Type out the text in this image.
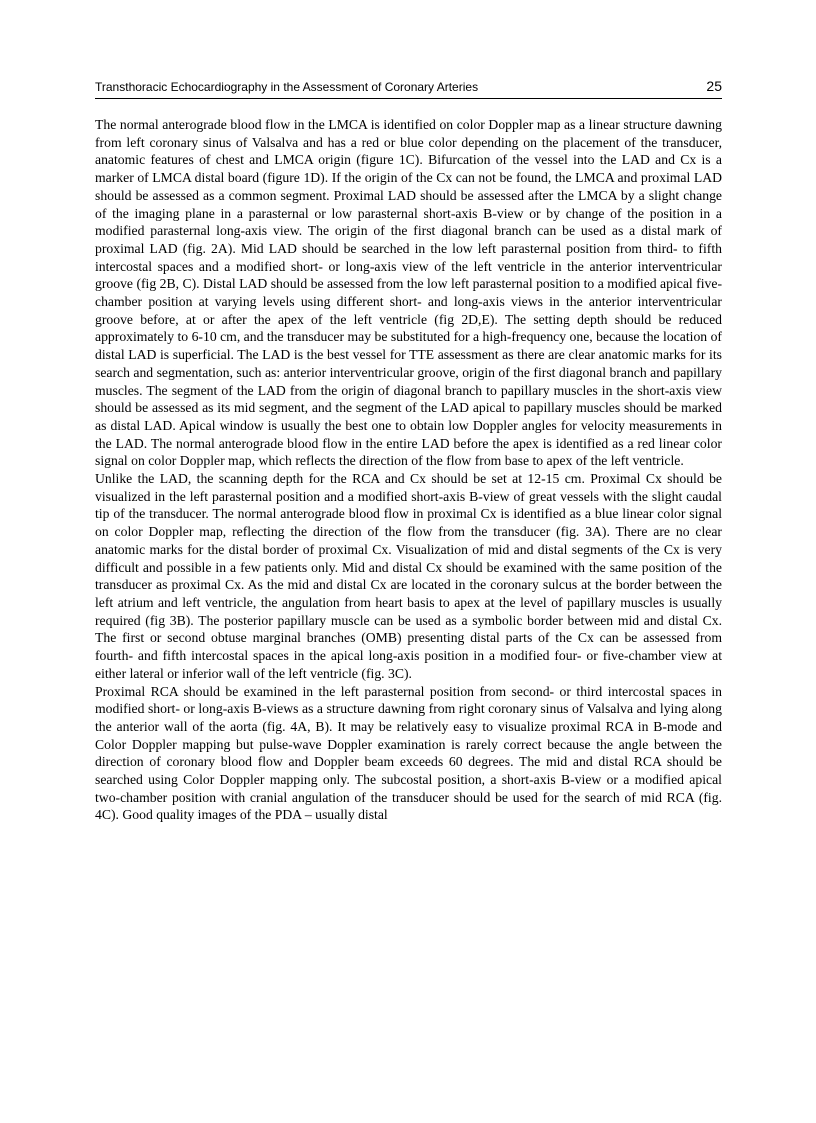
Transthoracic Echocardiography in the Assessment of Coronary Arteries	25

The normal anterograde blood flow in the LMCA is identified on color Doppler map as a linear structure dawning from left coronary sinus of Valsalva and has a red or blue color depending on the placement of the transducer, anatomic features of chest and LMCA origin (figure 1C). Bifurcation of the vessel into the LAD and Cx is a marker of LMCA distal board (figure 1D). If the origin of the Cx can not be found, the LMCA and proximal LAD should be assessed as a common segment. Proximal LAD should be assessed after the LMCA by a slight change of the imaging plane in a parasternal or low parasternal short-axis B-view or by change of the position in a modified parasternal long-axis view. The origin of the first diagonal branch can be used as a distal mark of proximal LAD (fig. 2A). Mid LAD should be searched in the low left parasternal position from third- to fifth intercostal spaces and a modified short- or long-axis view of the left ventricle in the anterior interventricular groove (fig 2B, C). Distal LAD should be assessed from the low left parasternal position to a modified apical five-chamber position at varying levels using different short- and long-axis views in the anterior interventricular groove before, at or after the apex of the left ventricle (fig 2D,E). The setting depth should be reduced approximately to 6-10 cm, and the transducer may be substituted for a high-frequency one, because the location of distal LAD is superficial. The LAD is the best vessel for TTE assessment as there are clear anatomic marks for its search and segmentation, such as: anterior interventricular groove, origin of the first diagonal branch and papillary muscles. The segment of the LAD from the origin of diagonal branch to papillary muscles in the short-axis view should be assessed as its mid segment, and the segment of the LAD apical to papillary muscles should be marked as distal LAD. Apical window is usually the best one to obtain low Doppler angles for velocity measurements in the LAD. The normal anterograde blood flow in the entire LAD before the apex is identified as a red linear color signal on color Doppler map, which reflects the direction of the flow from base to apex of the left ventricle.

Unlike the LAD, the scanning depth for the RCA and Cx should be set at 12-15 cm. Proximal Cx should be visualized in the left parasternal position and a modified short-axis B-view of great vessels with the slight caudal tip of the transducer. The normal anterograde blood flow in proximal Cx is identified as a blue linear color signal on color Doppler map, reflecting the direction of the flow from the transducer (fig. 3A). There are no clear anatomic marks for the distal border of proximal Cx. Visualization of mid and distal segments of the Cx is very difficult and possible in a few patients only. Mid and distal Cx should be examined with the same position of the transducer as proximal Cx. As the mid and distal Cx are located in the coronary sulcus at the border between the left atrium and left ventricle, the angulation from heart basis to apex at the level of papillary muscles is usually required (fig 3B). The posterior papillary muscle can be used as a symbolic border between mid and distal Cx. The first or second obtuse marginal branches (OMB) presenting distal parts of the Cx can be assessed from fourth- and fifth intercostal spaces in the apical long-axis position in a modified four- or five-chamber view at either lateral or inferior wall of the left ventricle (fig. 3C).

Proximal RCA should be examined in the left parasternal position from second- or third intercostal spaces in modified short- or long-axis B-views as a structure dawning from right coronary sinus of Valsalva and lying along the anterior wall of the aorta (fig. 4A, B). It may be relatively easy to visualize proximal RCA in B-mode and Color Doppler mapping but pulse-wave Doppler examination is rarely correct because the angle between the direction of coronary blood flow and Doppler beam exceeds 60 degrees. The mid and distal RCA should be searched using Color Doppler mapping only. The subcostal position, a short-axis B-view or a modified apical two-chamber position with cranial angulation of the transducer should be used for the search of mid RCA (fig. 4C). Good quality images of the PDA – usually distal
